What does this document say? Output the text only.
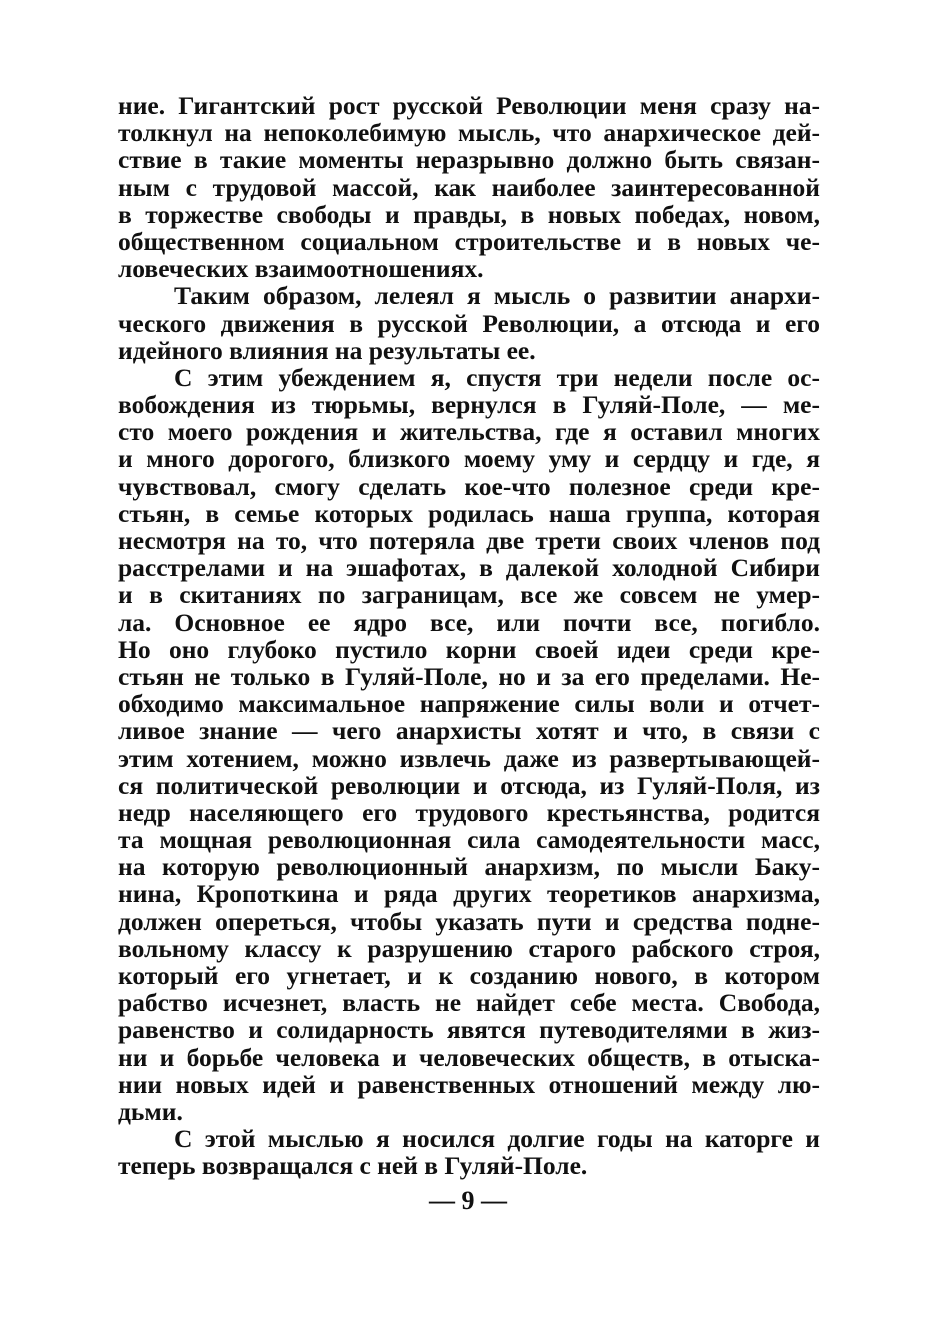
ние. Гигантский рост русской Революции меня сразу на-
толкнул на непоколебимую мысль, что анархическое дей-
ствие в такие моменты неразрывно должно быть связан-
ным с трудовой массой, как наиболее заинтересованной
в торжестве свободы и правды, в новых победах, новом,
общественном социальном строительстве и в новых че-
ловеческих взаимоотношениях.
Таким образом, лелеял я мысль о развитии анархи-
ческого движения в русской Революции, а отсюда и его
идейного влияния на результаты ее.
С этим убеждением я, спустя три недели после ос-
вобождения из тюрьмы, вернулся в Гуляй-Поле, — ме-
сто моего рождения и жительства, где я оставил многих
и много дорогого, близкого моему уму и сердцу и где, я
чувствовал, смогу сделать кое-что полезное среди кре-
стьян, в семье которых родилась наша группа, которая
несмотря на то, что потеряла две трети своих членов под
расстрелами и на эшафотах, в далекой холодной Сибири
и в скитаниях по заграницам, все же совсем не умер-
ла. Основное ее ядро все, или почти все, погибло.
Но оно глубоко пустило корни своей идеи среди кре-
стьян не только в Гуляй-Поле, но и за его пределами. Не-
обходимо максимальное напряжение силы воли и отчет-
ливое знание — чего анархисты хотят и что, в связи с
этим хотением, можно извлечь даже из развертывающей-
ся политической революции и отсюда, из Гуляй-Поля, из
недр населяющего его трудового крестьянства, родится
та мощная революционная сила самодеятельности масс,
на которую революционный анархизм, по мысли Баку-
нина, Кропоткина и ряда других теоретиков анархизма,
должен опереться, чтобы указать пути и средства подне-
вольному классу к разрушению старого рабского строя,
который его угнетает, и к созданию нового, в котором
рабство исчезнет, власть не найдет себе места. Свобода,
равенство и солидарность явятся путеводителями в жиз-
ни и борьбе человека и человеческих обществ, в отыска-
нии новых идей и равенственных отношений между лю-
дьми.
С этой мыслью я носился долгие годы на каторге и
теперь возвращался с ней в Гуляй-Поле.
— 9 —
